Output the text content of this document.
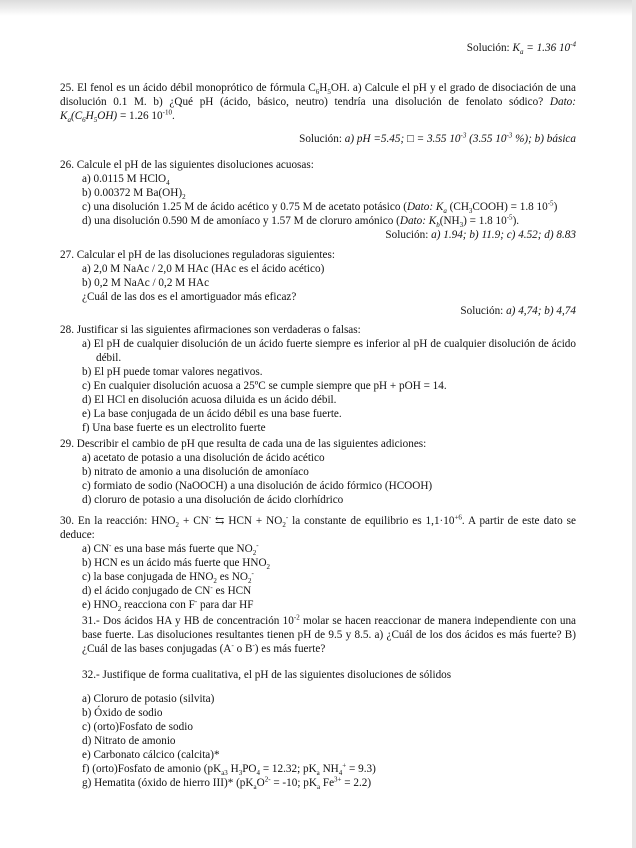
Solución: $K_a = 1.36$ $10^{-4}$

25. El fenol es un ácido débil monoprótico de fórmula $C_6H_5OH$. a) Calcule el pH y el grado de disociación de una disolución 0.1 M. b) ¿Qué pH (ácido, básico, neutro) tendría una disolución de fenolato sódico? Dato: $K_a(C_6H_5OH) = 1.26$ $10^{-10}$.

Solución: a) pH =5.45; □ = 3.55 $10^{-3}$ (3.55 $10^{-3}$ %); b) básica

26. Calcule el pH de las siguientes disoluciones acuosas:

a) 0.0115 M HClO$_4$

b) 0.00372 M $Ba(OH)_2$

c) una disolución 1.25 M de ácido acético y 0.75 M de acetato potásico (Dato: $K_a$ $(CH_3COOH) = 1.8$ $10^{-5}$)

d) una disolución 0.590 M de amoníaco y 1.57 M de cloruro amónico (Dato: $K_b(NH_3) = 1.8$ $10^{-5}$).

Solución: a) 1.94; b) 11.9; c) 4.52; d) 8.83

27. Calcular el pH de las disoluciones reguladoras siguientes:

a) 2,0 M NaAc / 2,0 M HAc (HAc es el ácido acético)

b) 0,2 M NaAc / 0,2 M HAc

¿Cuál de las dos es el amortiguador más eficaz?

Solución: a) 4,74; b) 4,74

28. Justificar si las siguientes afirmaciones son verdaderas o falsas:

a) El pH de cualquier disolución de un ácido fuerte siempre es inferior al pH de cualquier disolución de ácido débil.

b) El pH puede tomar valores negativos.

c) En cualquier disolución acuosa a 25ºC se cumple siempre que pH + pOH = 14.

d) El HCl en disolución acuosa diluida es un ácido débil.

e) La base conjugada de un ácido débil es una base fuerte.

f) Una base fuerte es un electrolito fuerte

29. Describir el cambio de pH que resulta de cada una de las siguientes adiciones:

a) acetato de potasio a una disolución de ácido acético

b) nitrato de amonio a una disolución de amoníaco

c) formiato de sodio (NaOOCH) a una disolución de ácido fórmico (HCOOH)

d) cloruro de potasio a una disolución de ácido clorhídrico

30. En la reacción: $HNO_2 + CN^-$ ⇆ HCN + $NO_2^-$ la constante de equilibrio es $1,1\cdot 10^{+6}$. A partir de este dato se deduce:

a) CN- es una base más fuerte que $NO_2^-$

b) HCN es un ácido más fuerte que $HNO_2$

c) la base conjugada de $HNO_2$ es $NO_2^-$

d) el ácido conjugado de CN- es HCN

e) $HNO_2$ reacciona con F- para dar HF

31.- Dos ácidos HA y HB de concentración $10^{-2}$ molar se hacen reaccionar de manera independiente con una base fuerte. Las disoluciones resultantes tienen pH de 9.5 y 8.5. a) ¿Cuál de los dos ácidos es más fuerte? B) ¿Cuál de las bases conjugadas (A- o B-) es más fuerte?

32.- Justifique de forma cualitativa, el pH de las siguientes disoluciones de sólidos

a) Cloruro de potasio (silvita)

b) Óxido de sodio

c) (orto)Fosfato de sodio

d) Nitrato de amonio

e) Carbonato cálcico (calcita)*

f) (orto)Fosfato de amonio ($pK_{a3}$ $H_3PO_4 = 12.32$; $pK_a$ $NH_4^+ = 9.3$)

g) Hematita (óxido de hierro III)* ($pK_aO^{2-} = -10$; $pK_a$ $Fe^{3+} = 2.2$)
